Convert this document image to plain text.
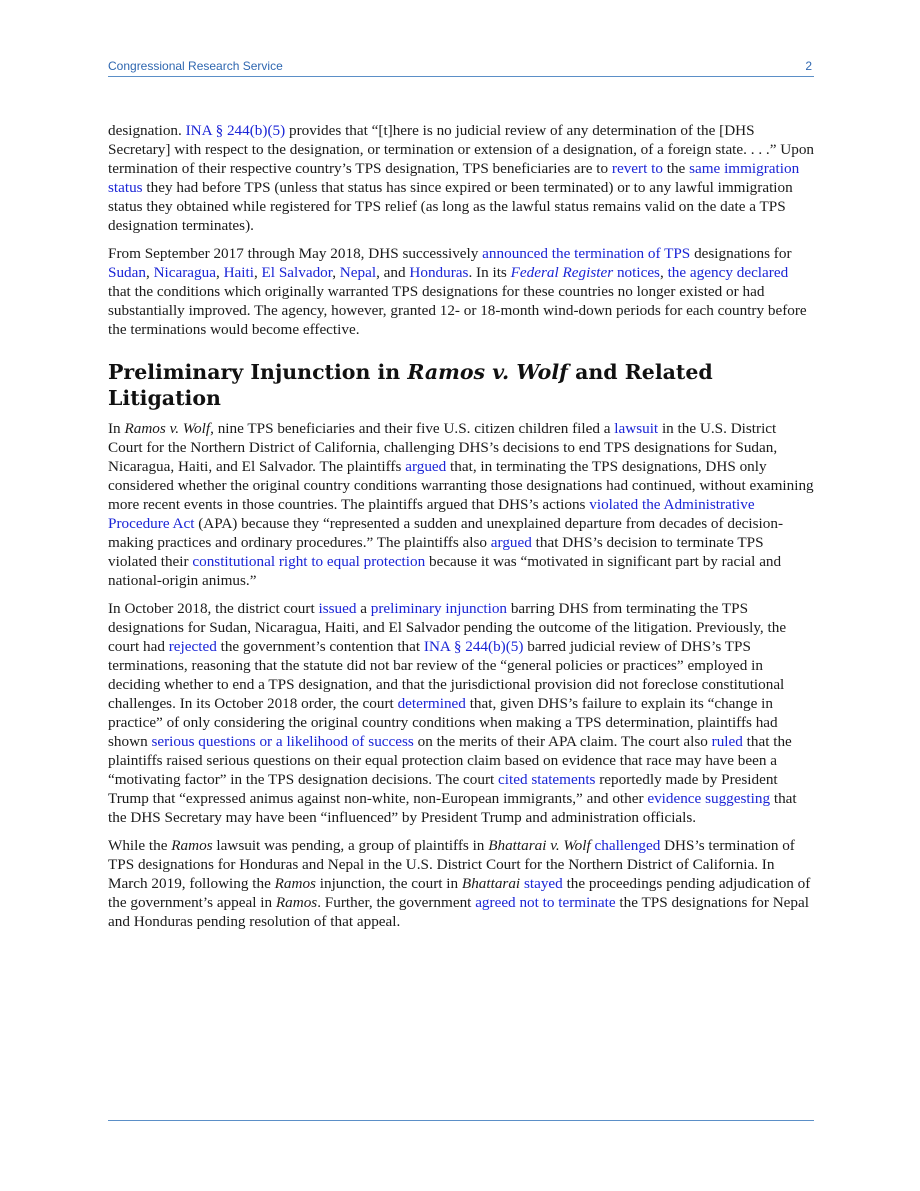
Congressional Research Service	2

designation. INA § 244(b)(5) provides that “[t]here is no judicial review of any determination of the [DHS Secretary] with respect to the designation, or termination or extension of a designation, of a foreign state. . . .” Upon termination of their respective country’s TPS designation, TPS beneficiaries are to revert to the same immigration status they had before TPS (unless that status has since expired or been terminated) or to any lawful immigration status they obtained while registered for TPS relief (as long as the lawful status remains valid on the date a TPS designation terminates).

From September 2017 through May 2018, DHS successively announced the termination of TPS designations for Sudan, Nicaragua, Haiti, El Salvador, Nepal, and Honduras. In its Federal Register notices, the agency declared that the conditions which originally warranted TPS designations for these countries no longer existed or had substantially improved. The agency, however, granted 12- or 18-month wind-down periods for each country before the terminations would become effective.

Preliminary Injunction in Ramos v. Wolf and Related Litigation

In Ramos v. Wolf, nine TPS beneficiaries and their five U.S. citizen children filed a lawsuit in the U.S. District Court for the Northern District of California, challenging DHS’s decisions to end TPS designations for Sudan, Nicaragua, Haiti, and El Salvador. The plaintiffs argued that, in terminating the TPS designations, DHS only considered whether the original country conditions warranting those designations had continued, without examining more recent events in those countries. The plaintiffs argued that DHS’s actions violated the Administrative Procedure Act (APA) because they “represented a sudden and unexplained departure from decades of decision-making practices and ordinary procedures.” The plaintiffs also argued that DHS’s decision to terminate TPS violated their constitutional right to equal protection because it was “motivated in significant part by racial and national-origin animus.”

In October 2018, the district court issued a preliminary injunction barring DHS from terminating the TPS designations for Sudan, Nicaragua, Haiti, and El Salvador pending the outcome of the litigation. Previously, the court had rejected the government’s contention that INA § 244(b)(5) barred judicial review of DHS’s TPS terminations, reasoning that the statute did not bar review of the “general policies or practices” employed in deciding whether to end a TPS designation, and that the jurisdictional provision did not foreclose constitutional challenges. In its October 2018 order, the court determined that, given DHS’s failure to explain its “change in practice” of only considering the original country conditions when making a TPS determination, plaintiffs had shown serious questions or a likelihood of success on the merits of their APA claim. The court also ruled that the plaintiffs raised serious questions on their equal protection claim based on evidence that race may have been a “motivating factor” in the TPS designation decisions. The court cited statements reportedly made by President Trump that “expressed animus against non-white, non-European immigrants,” and other evidence suggesting that the DHS Secretary may have been “influenced” by President Trump and administration officials.

While the Ramos lawsuit was pending, a group of plaintiffs in Bhattarai v. Wolf challenged DHS’s termination of TPS designations for Honduras and Nepal in the U.S. District Court for the Northern District of California. In March 2019, following the Ramos injunction, the court in Bhattarai stayed the proceedings pending adjudication of the government’s appeal in Ramos. Further, the government agreed not to terminate the TPS designations for Nepal and Honduras pending resolution of that appeal.
